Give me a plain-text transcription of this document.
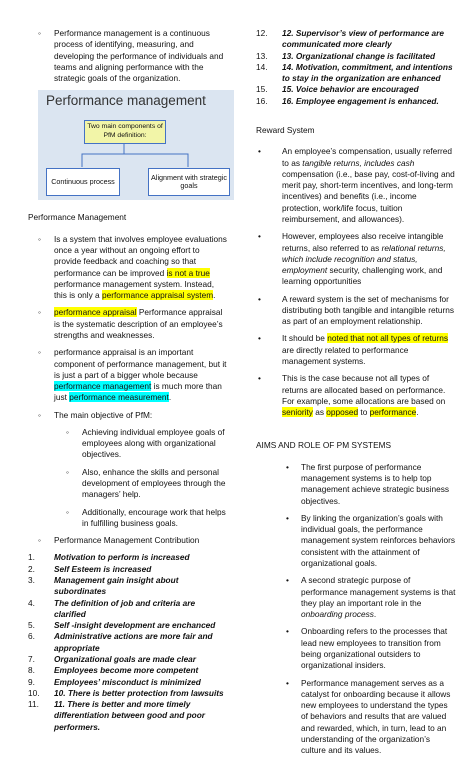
◦ Performance management is a continuous process of identifying, measuring, and developing the performance of individuals and teams and aligning performance with the strategic goals of the organization.
Performance management
Two main components of PfM definition:
Continuous process	Alignment with strategic goals
Performance Management
◦ Is a system that involves employee evaluations once a year without an ongoing effort to provide feedback and coaching so that performance can be improved is not a true performance management system. Instead, this is only a performance appraisal system.
◦ performance appraisal Performance appraisal is the systematic description of an employee’s strengths and weaknesses.
◦ performance appraisal is an important component of performance management, but it is just a part of a bigger whole because performance management is much more than just performance measurement.
◦ The main objective of PfM:
◦ Achieving individual employee goals of employees along with organizational objectives.
◦ Also, enhance the skills and personal development of employees through the managers’ help.
◦ Additionally, encourage work that helps in fulfilling business goals.
◦ Performance Management Contribution
1. Motivation to perform is increased
2. Self Esteem is increased
3. Management gain insight about subordinates
4. The definition of job and criteria are clarified
5. Self -insight development are enchanced
6. Administrative actions are more fair and appropriate
7. Organizational goals are made clear
8. Employees become more competent
9. Employees’ misconduct is minimized
10. 10. There is better protection from lawsuits
11. 11. There is better and more timely differentiation between good and poor performers.
12. 12. Supervisor’s view of performance are communicated more clearly
13. 13. Organizational change is facilitated
14. 14. Motivation, commitment, and intentions to stay in the organization are enhanced
15. 15. Voice behavior are encouraged
16. 16. Employee engagement is enhanced.
Reward System
• An employee’s compensation, usually referred to as tangible returns, includes cash compensation (i.e., base pay, cost-of-living and merit pay, short-term incentives, and long-term incentives) and benefits (i.e., income protection, work/life focus, tuition reimbursement, and allowances).
• However, employees also receive intangible returns, also referred to as relational returns, which include recognition and status, employment security, challenging work, and learning opportunities
• A reward system is the set of mechanisms for distributing both tangible and intangible returns as part of an employment relationship.
• It should be noted that not all types of returns are directly related to performance management systems.
• This is the case because not all types of returns are allocated based on performance. For example, some allocations are based on seniority as opposed to performance.
AIMS AND ROLE OF PM SYSTEMS
• The first purpose of performance management systems is to help top management achieve strategic business objectives.
• By linking the organization’s goals with individual goals, the performance management system reinforces behaviors consistent with the attainment of organizational goals.
• A second strategic purpose of performance management systems is that they play an important role in the onboarding process.
• Onboarding refers to the processes that lead new employees to transition from being organizational outsiders to organizational insiders.
• Performance management serves as a catalyst for onboarding because it allows new employees to understand the types of behaviors and results that are valued and rewarded, which, in turn, lead to an understanding of the organization’s culture and its values.
